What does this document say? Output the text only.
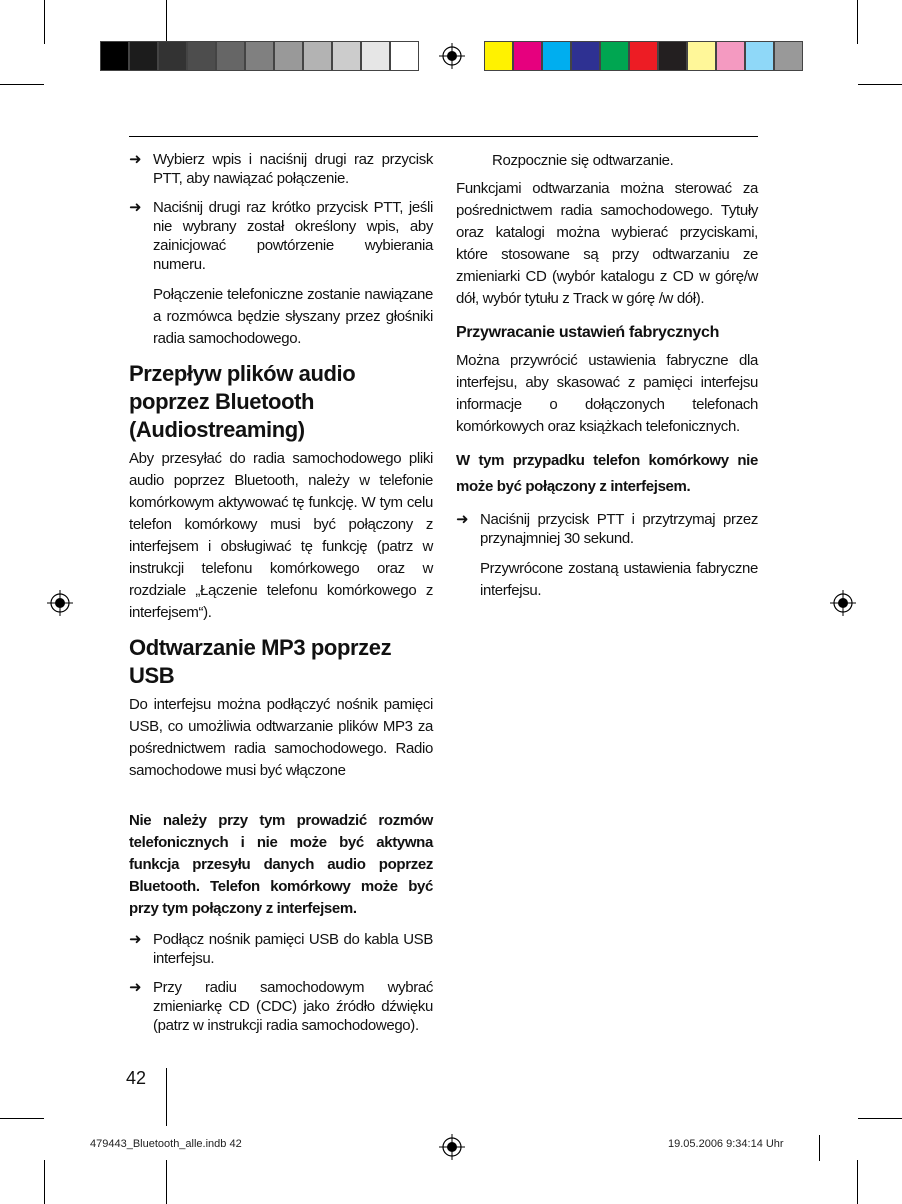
➜ Wybierz wpis i naciśnij drugi raz przycisk PTT, aby nawiązać połączenie.
➜ Naciśnij drugi raz krótko przycisk PTT, jeśli nie wybrany został określony wpis, aby zainicjować powtórzenie wybierania numeru.
Połączenie telefoniczne zostanie nawiązane a rozmówca będzie słyszany przez głośniki radia samochodowego.
Przepływ plików audio poprzez Bluetooth (Audiostreaming)
Aby przesyłać do radia samochodowego pliki audio poprzez Bluetooth, należy w telefonie komórkowym aktywować tę funkcję. W tym celu telefon komórkowy musi być połączony z interfejsem i obsługiwać tę funkcję (patrz w instrukcji telefonu komórkowego oraz w rozdziale „Łączenie telefonu komórkowego z interfejsem“).
Odtwarzanie MP3 poprzez USB
Do interfejsu można podłączyć nośnik pamięci USB, co umożliwia odtwarzanie plików MP3 za pośrednictwem radia samochodowego. Radio samochodowe musi być włączone
Nie należy przy tym prowadzić rozmów telefonicznych i nie może być aktywna funkcja przesyłu danych audio poprzez Bluetooth. Telefon komórkowy może być przy tym połączony z interfejsem.
➜ Podłącz nośnik pamięci USB do kabla USB interfejsu.
➜ Przy radiu samochodowym wybrać zmieniarkę CD (CDC) jako źródło dźwięku (patrz w instrukcji radia samochodowego).
Rozpocznie się odtwarzanie.
Funkcjami odtwarzania można sterować za pośrednictwem radia samochodowego. Tytuły oraz katalogi można wybierać przyciskami, które stosowane są przy odtwarzaniu ze zmieniarki CD (wybór katalogu z CD w górę/w dół, wybór tytułu z Track w górę /w dół).
Przywracanie ustawień fabrycznych
Można przywrócić ustawienia fabryczne dla interfejsu, aby skasować z pamięci interfejsu informacje o dołączonych telefonach komórkowych oraz książkach telefonicznych.
W tym przypadku telefon komórkowy nie może być połączony z interfejsem.
➜ Naciśnij przycisk PTT i przytrzymaj przez przynajmniej 30 sekund.
Przywrócone zostaną ustawienia fabryczne interfejsu.
42
479443_Bluetooth_alle.indb 42	19.05.2006 9:34:14 Uhr
